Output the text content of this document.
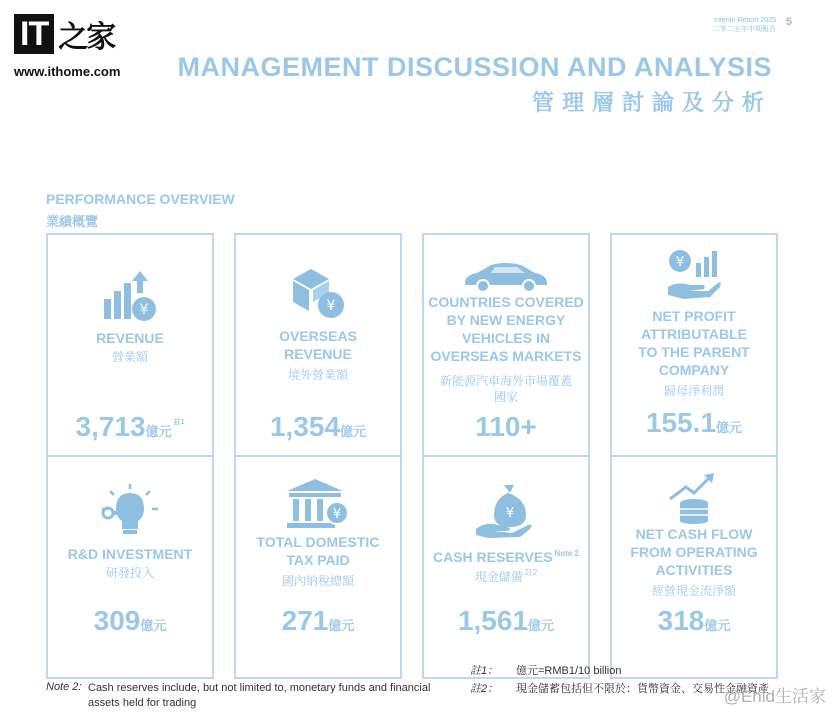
IT 之家
www.ithome.com
Interim Report 2025
二零二五年中期報告
5
MANAGEMENT DISCUSSION AND ANALYSIS
管理層討論及分析
PERFORMANCE OVERVIEW
業績概覽
¥
REVENUE
營業額
3,713億元$^{註1}$
¥
OVERSEAS
REVENUE
境外營業額
1,354億元
COUNTRIES COVERED
BY NEW ENERGY
VEHICLES IN
OVERSEAS MARKETS
新能源汽車海外市場覆蓋
國家
110+
¥
NET PROFIT
ATTRIBUTABLE
TO THE PARENT
COMPANY
歸母淨利潤
155.1億元
R&D INVESTMENT
研發投入
309億元
¥
TOTAL DOMESTIC
TAX PAID
國內納稅總額
271億元
¥
CASH RESERVES $^{Note 2}$
現金儲備 $^{註2}$
1,561億元
NET CASH FLOW
FROM OPERATING
ACTIVITIES
經營現金流淨額
318億元
註1： 億元=RMB1/10 billion
註2： 現金儲蓄包括但不限於：貨幣資金、交易性金融資產
Note 2: Cash reserves include, but not limited to, monetary funds and financial assets held for trading	@Enid生活家
